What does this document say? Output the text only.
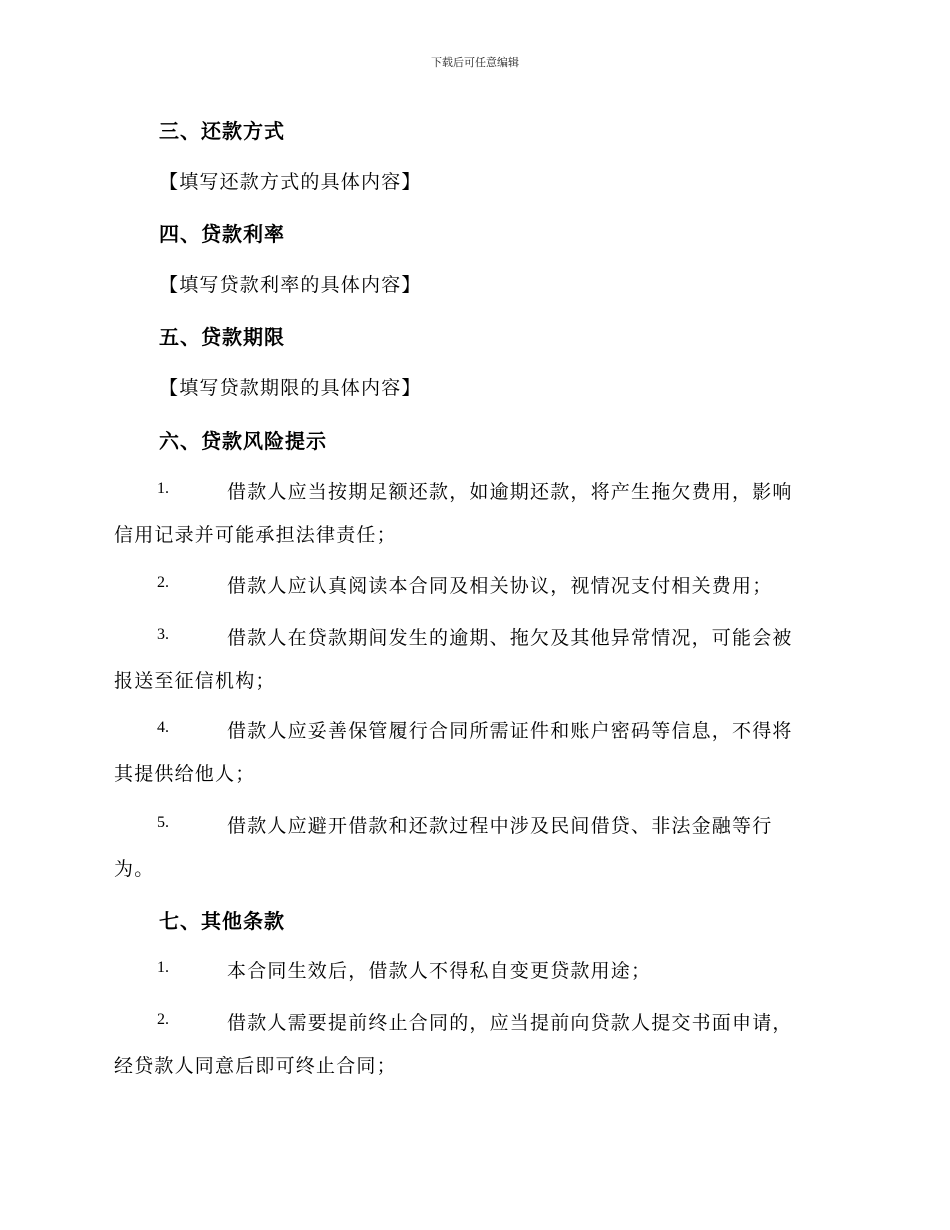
下载后可任意编辑
三、还款方式
【填写还款方式的具体内容】
四、贷款利率
【填写贷款利率的具体内容】
五、贷款期限
【填写贷款期限的具体内容】
六、贷款风险提示
1.	借款人应当按期足额还款，如逾期还款，将产生拖欠费用，影响
信用记录并可能承担法律责任；
2.	借款人应认真阅读本合同及相关协议，视情况支付相关费用；
3.	借款人在贷款期间发生的逾期、拖欠及其他异常情况，可能会被
报送至征信机构；
4.	借款人应妥善保管履行合同所需证件和账户密码等信息，不得将
其提供给他人；
5.	借款人应避开借款和还款过程中涉及民间借贷、非法金融等行
为。
七、其他条款
1.	本合同生效后，借款人不得私自变更贷款用途；
2.	借款人需要提前终止合同的，应当提前向贷款人提交书面申请，
经贷款人同意后即可终止合同；
